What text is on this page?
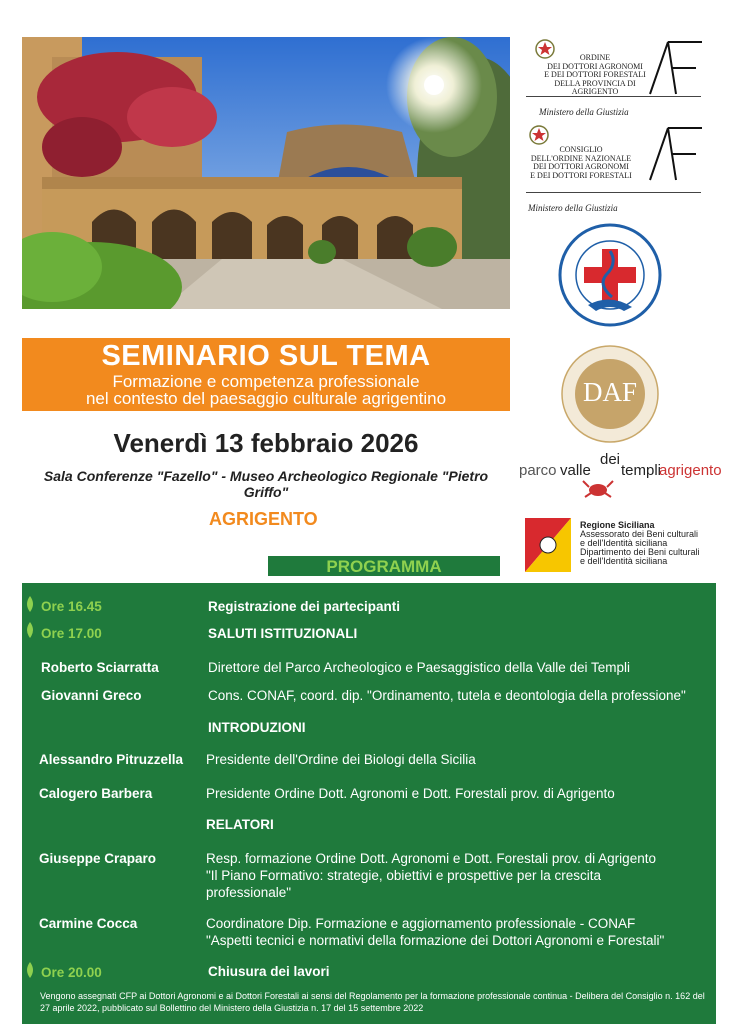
SEMINARIO SUL TEMA
Formazione e competenza professionale
nel contesto del paesaggio culturale agrigentino
Venerdì 13 febbraio 2026
Sala Conferenze "Fazello" - Museo Archeologico Regionale "Pietro Griffo"
AGRIGENTO
PROGRAMMA
ORDINE
DEI DOTTORI AGRONOMI
E DEI DOTTORI FORESTALI
DELLA PROVINCIA DI AGRIGENTO
Ministero della Giustizia
CONSIGLIO
DELL'ORDINE NAZIONALE
DEI DOTTORI AGRONOMI
E DEI DOTTORI FORESTALI
Ministero della Giustizia
DAF
parco valle
dei
templi
agrigento
Regione Siciliana
Assessorato dei Beni culturali
e dell'Identità siciliana
Dipartimento dei Beni culturali
e dell'Identità siciliana
Ore 16.45	Registrazione dei partecipanti
Ore 17.00	SALUTI ISTITUZIONALI
Roberto Sciarratta	Direttore del Parco Archeologico e Paesaggistico della Valle dei Templi
Giovanni Greco	Cons. CONAF, coord. dip. "Ordinamento, tutela e deontologia della professione"
INTRODUZIONI
Alessandro Pitruzzella Presidente dell'Ordine dei Biologi della Sicilia
Calogero Barbera	Presidente Ordine Dott. Agronomi e Dott. Forestali prov. di Agrigento
RELATORI
Giuseppe Craparo	Resp. formazione Ordine Dott. Agronomi e Dott. Forestali prov. di Agrigento
"Il Piano Formativo: strategie, obiettivi e prospettive per la crescita
professionale"
Carmine Cocca	Coordinatore Dip. Formazione e aggiornamento professionale - CONAF
"Aspetti tecnici e normativi della formazione dei Dottori Agronomi e Forestali"
Ore 20.00	Chiusura dei lavori
Vengono assegnati CFP ai Dottori Agronomi e ai Dottori Forestali ai sensi del Regolamento per la formazione professionale continua - Delibera del Consiglio n. 162 del 27 aprile 2022, pubblicato sul Bollettino del Ministero della Giustizia n. 17 del 15 settembre 2022
